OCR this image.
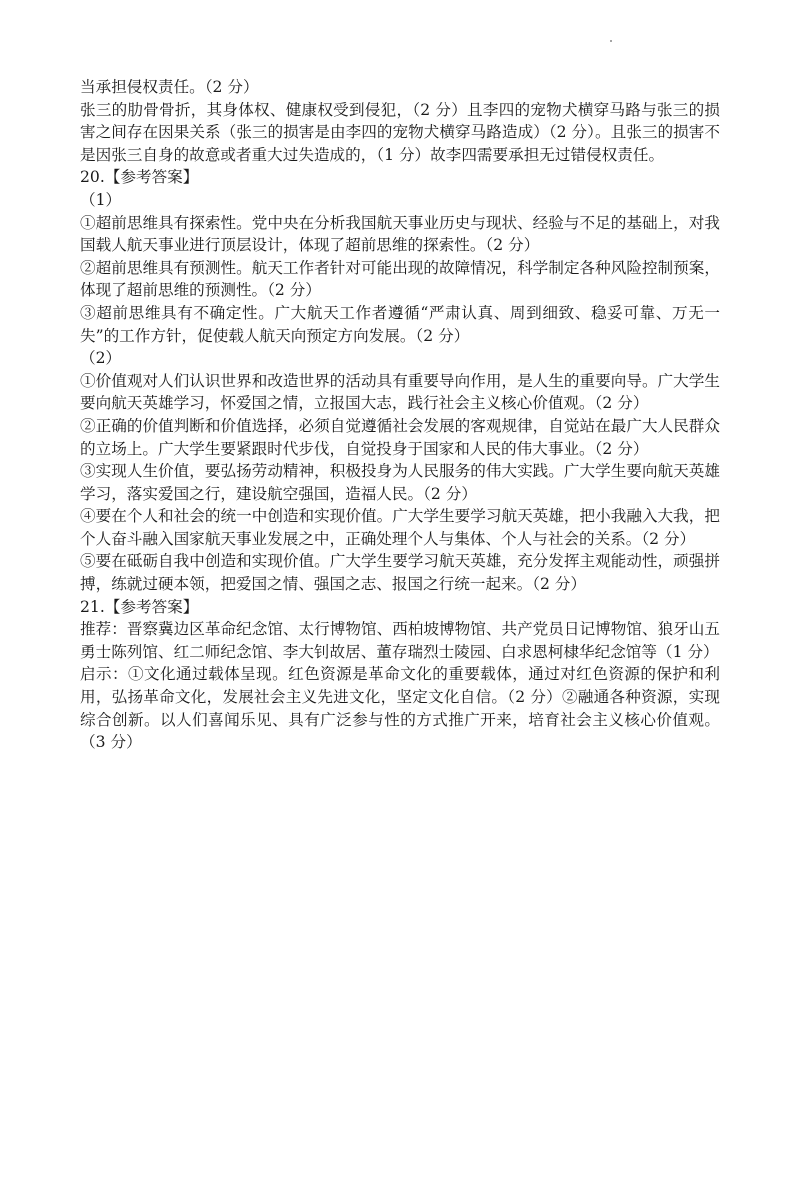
当承担侵权责任。（2 分）

张三的肋骨骨折，其身体权、健康权受到侵犯，（2 分）且李四的宠物犬横穿马路与张三的损害之间存在因果关系（张三的损害是由李四的宠物犬横穿马路造成）（2 分）。且张三的损害不是因张三自身的故意或者重大过失造成的，（1 分）故李四需要承担无过错侵权责任。

20.【参考答案】

（1）

①超前思维具有探索性。党中央在分析我国航天事业历史与现状、经验与不足的基础上，对我国载人航天事业进行顶层设计，体现了超前思维的探索性。（2 分）

②超前思维具有预测性。航天工作者针对可能出现的故障情况，科学制定各种风险控制预案，体现了超前思维的预测性。（2 分）

③超前思维具有不确定性。广大航天工作者遵循“严肃认真、周到细致、稳妥可靠、万无一失”的工作方针，促使载人航天向预定方向发展。（2 分）

（2）

①价值观对人们认识世界和改造世界的活动具有重要导向作用，是人生的重要向导。广大学生要向航天英雄学习，怀爱国之情，立报国大志，践行社会主义核心价值观。（2 分）

②正确的价值判断和价值选择，必须自觉遵循社会发展的客观规律，自觉站在最广大人民群众的立场上。广大学生要紧跟时代步伐，自觉投身于国家和人民的伟大事业。（2 分）

③实现人生价值，要弘扬劳动精神，积极投身为人民服务的伟大实践。广大学生要向航天英雄学习，落实爱国之行，建设航空强国，造福人民。（2 分）

④要在个人和社会的统一中创造和实现价值。广大学生要学习航天英雄，把小我融入大我，把个人奋斗融入国家航天事业发展之中，正确处理个人与集体、个人与社会的关系。（2 分）

⑤要在砥砺自我中创造和实现价值。广大学生要学习航天英雄，充分发挥主观能动性，顽强拼搏，练就过硬本领，把爱国之情、强国之志、报国之行统一起来。（2 分）

21.【参考答案】

推荐：晋察冀边区革命纪念馆、太行博物馆、西柏坡博物馆、共产党员日记博物馆、狼牙山五勇士陈列馆、红二师纪念馆、李大钊故居、董存瑞烈士陵园、白求恩柯棣华纪念馆等（1 分）

启示：①文化通过载体呈现。红色资源是革命文化的重要载体，通过对红色资源的保护和利用，弘扬革命文化，发展社会主义先进文化，坚定文化自信。（2 分）②融通各种资源，实现综合创新。以人们喜闻乐见、具有广泛参与性的方式推广开来，培育社会主义核心价值观。（3 分）
